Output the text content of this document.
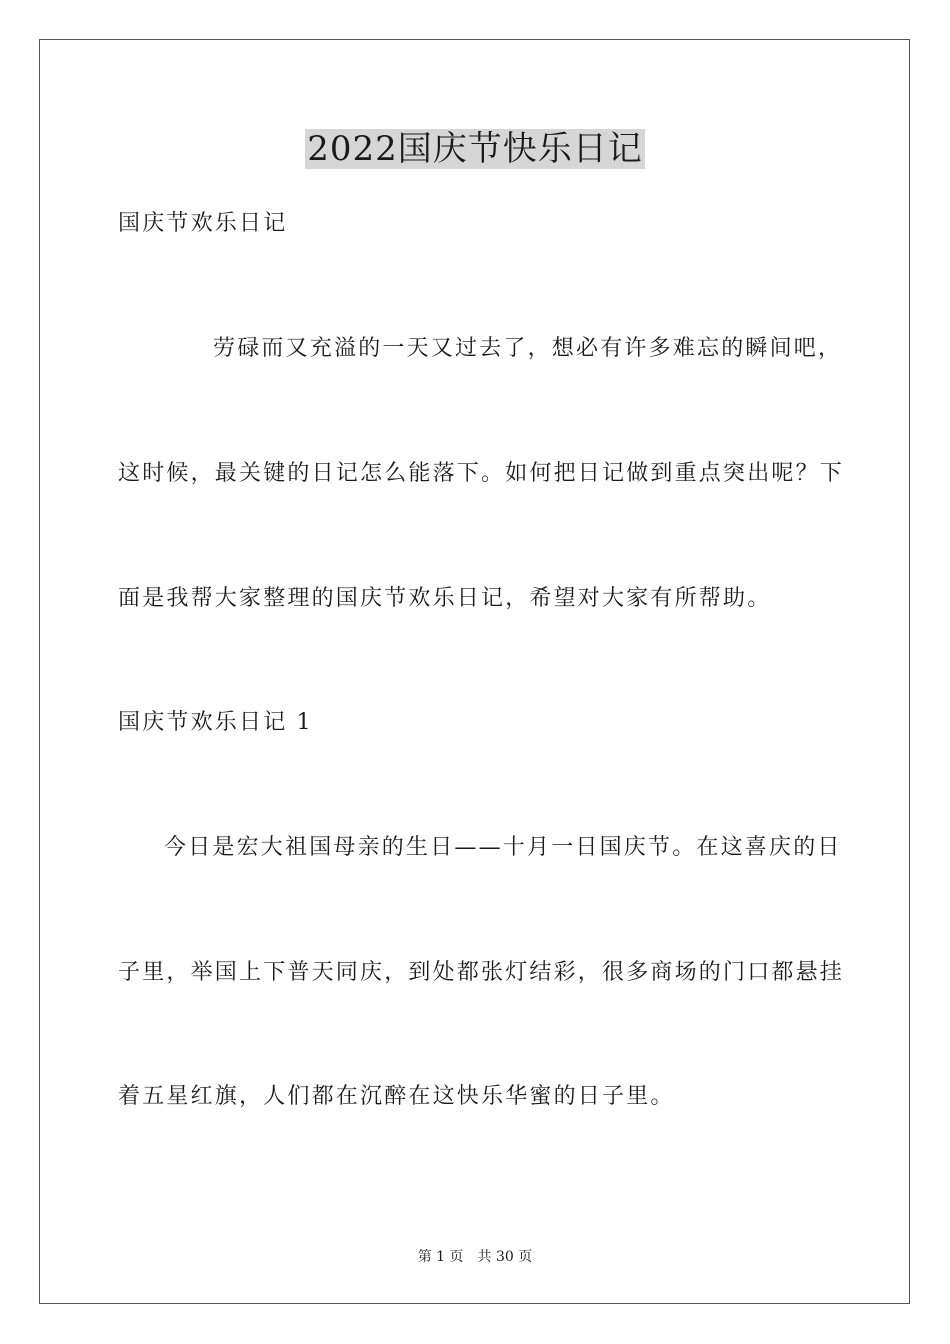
2022国庆节快乐日记
国庆节欢乐日记
劳碌而又充溢的一天又过去了，想必有许多难忘的瞬间吧，
这时候，最关键的日记怎么能落下。如何把日记做到重点突出呢？下
面是我帮大家整理的国庆节欢乐日记，希望对大家有所帮助。
国庆节欢乐日记 1
今日是宏大祖国母亲的生日——十月一日国庆节。在这喜庆的日
子里，举国上下普天同庆，到处都张灯结彩，很多商场的门口都悬挂
着五星红旗，人们都在沉醉在这快乐华蜜的日子里。
第 1 页　共 30 页
